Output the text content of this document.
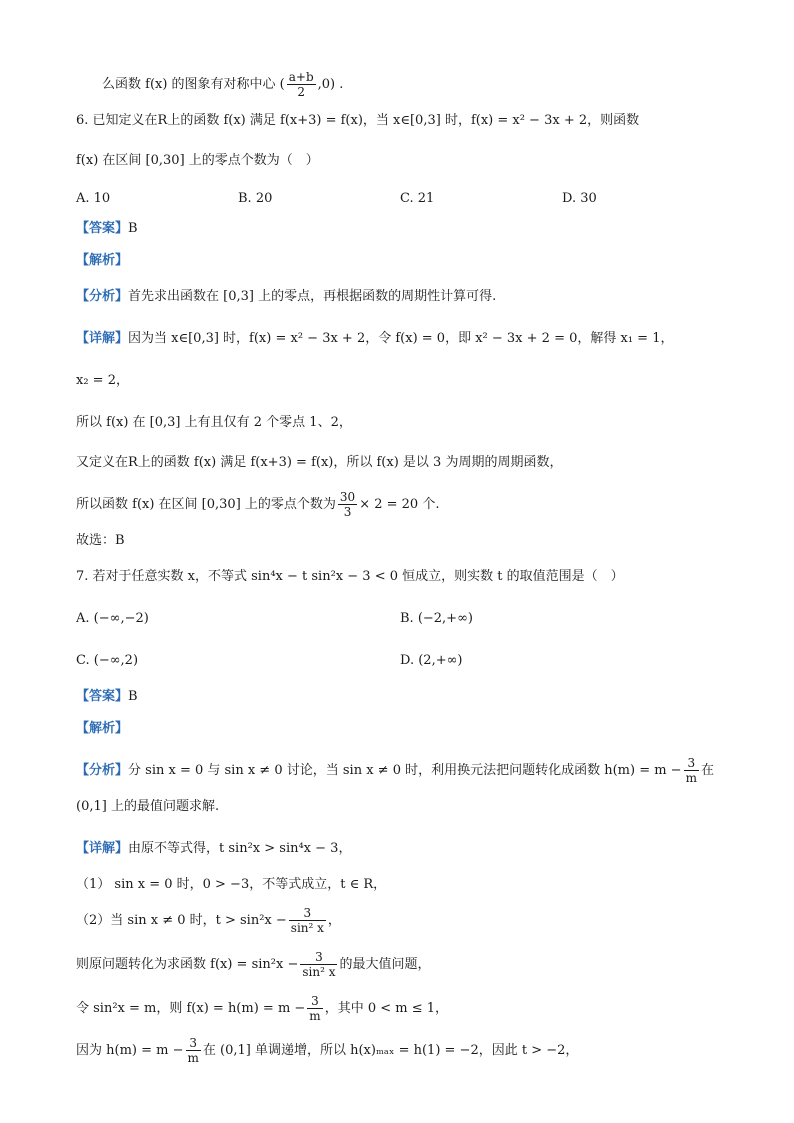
么函数 f(x) 的图象有对称中心 ( $\frac{a+b}{2} ,0$) .
6. 已知定义在R上的函数 f(x) 满足 f(x+3) = f(x)，当 x∈[0,3] 时，f(x) = x² − 3x + 2，则函数
f(x) 在区间 [0,30] 上的零点个数为（　）
A. 10	B. 20	C. 21	D. 30
【答案】B
【解析】
【分析】首先求出函数在 [0,3] 上的零点，再根据函数的周期性计算可得.
【详解】因为当 x∈[0,3] 时，f(x) = x² − 3x + 2，令 f(x) = 0，即 x² − 3x + 2 = 0，解得 x₁ = 1，
x₂ = 2，
所以 f(x) 在 [0,3] 上有且仅有 2 个零点 1、2，
又定义在R上的函数 f(x) 满足 f(x+3) = f(x)，所以 f(x) 是以 3 为周期的周期函数，
所以函数 f(x) 在区间 [0,30] 上的零点个数为 $\frac{30}{3} \times 2 = 20$ 个.
故选：B
7. 若对于任意实数 x，不等式 sin⁴x − t sin²x − 3 < 0 恒成立，则实数 t 的取值范围是（　）
A. (−∞,−2)	B. (−2,+∞)
C. (−∞,2)	D. (2,+∞)
【答案】B
【解析】
【分析】分 sin x = 0 与 sin x ≠ 0 讨论，当 sin x ≠ 0 时，利用换元法把问题转化成函数 $h(m) = m - \frac{3}{m}$ 在
(0,1] 上的最值问题求解.
【详解】由原不等式得，t sin²x > sin⁴x − 3，
（1） sin x = 0 时，0 > −3，不等式成立，t ∈ R，
（2）当 sin x ≠ 0 时，$t > \sin^2x - \frac{3}{\text{sin² x}}$ ，
则原问题转化为求函数 $f(x) = \sin^2x - \frac{3}{\text{sin² x}}$ 的最大值问题，
令 sin²x = m，则 $f(x) = h(m) = m - \frac{3}{m}$ ，其中 0 < m ≤ 1，
因为 $h(m) = m - \frac{3}{m}$ 在 (0,1] 单调递增，所以 h(x)ₘₐₓ = h(1) = −2，因此 t > −2，
